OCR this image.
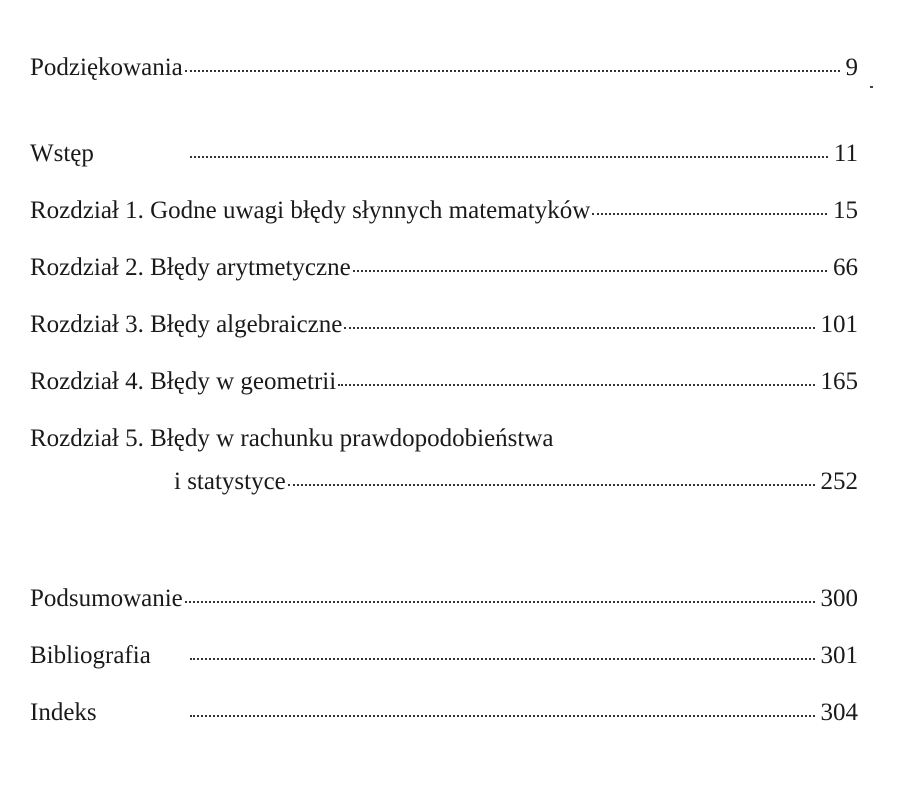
Podziękowania	9
Wstęp	11
Rozdział 1. Godne uwagi błędy słynnych matematyków	15
Rozdział 2. Błędy arytmetyczne	66
Rozdział 3. Błędy algebraiczne	101
Rozdział 4. Błędy w geometrii	165
Rozdział 5. Błędy w rachunku prawdopodobieństwa
i statystyce	252
Podsumowanie	300
Bibliografia	301
Indeks	304
